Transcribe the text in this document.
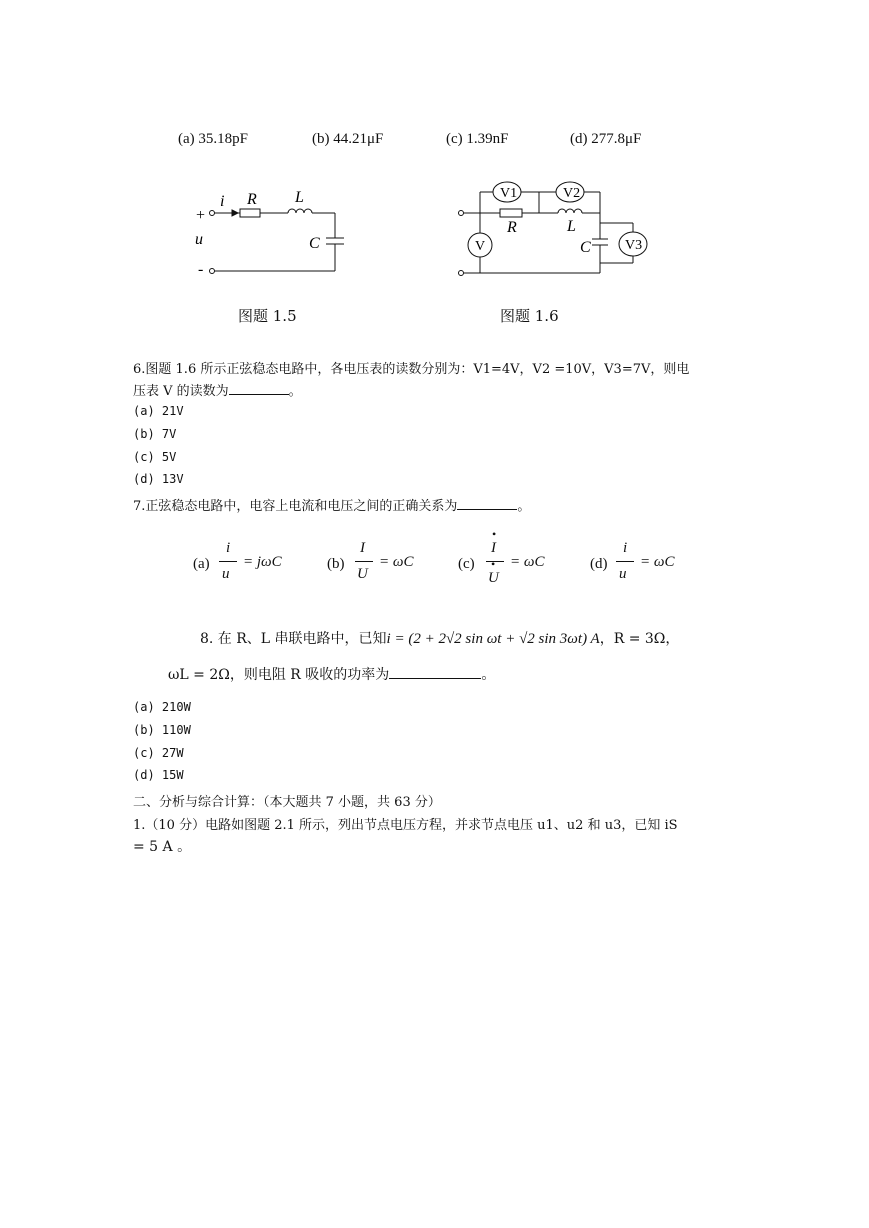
(a) 35.18pF	(b) 44.21μF	(c) 1.39nF	(d) 277.8μF
i R L
C
+
u
-
V1	V2
V3
V
R	L
C
图题 1.5	图题 1.6
6.图题 1.6 所示正弦稳态电路中，各电压表的读数分别为：V1=4V，V2 =10V，V3=7V，则电
压表 V 的读数为	。
(a) 21V
(b) 7V
(c) 5V
(d) 13V
7.正弦稳态电路中，电容上电流和电压之间的正确关系为	。
(a)
i
u
= jωC	(b)
I
U
= ωC	(c)
•
I
•
U
= ωC	(d)
i
u
= ωC
8. 在 R、L 串联电路中，已知i = (2 + 2√2 sin ωt + √2 sin 3ωt) A，R = 3Ω，
ωL = 2Ω，则电阻 R 吸收的功率为	。
(a) 210W
(b) 110W
(c) 27W
(d) 15W
二、分析与综合计算：（本大题共 7 小题，共 63 分）
1.（10 分）电路如图题 2.1 所示，列出节点电压方程，并求节点电压 u1、u2 和 u3，已知 iS
= 5 A 。
